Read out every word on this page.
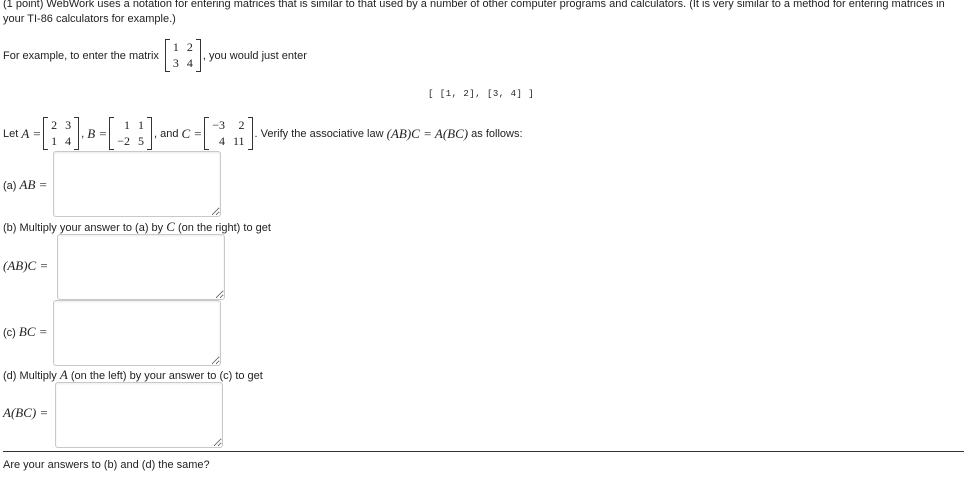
(1 point) WebWork uses a notation for entering matrices that is similar to that used by a number of other computer programs and calculators. (It is very similar to a method for entering matrices in your TI-86 calculators for example.)
For example, to enter the matrix
1 2
3 4
, you would just enter
[ [1, 2], [3, 4] ]
Let
A =
2 3
1 4
,
B =
1 1
−2 5
, and
C =
−3	2
4 11
. Verify the associative law
(AB)C = A(BC)
as follows:
(a) AB =
(b) Multiply your answer to (a) by C (on the right) to get
(AB)C =
(c) BC =
(d) Multiply A (on the left) by your answer to (c) to get
A(BC) =
Are your answers to (b) and (d) the same?
